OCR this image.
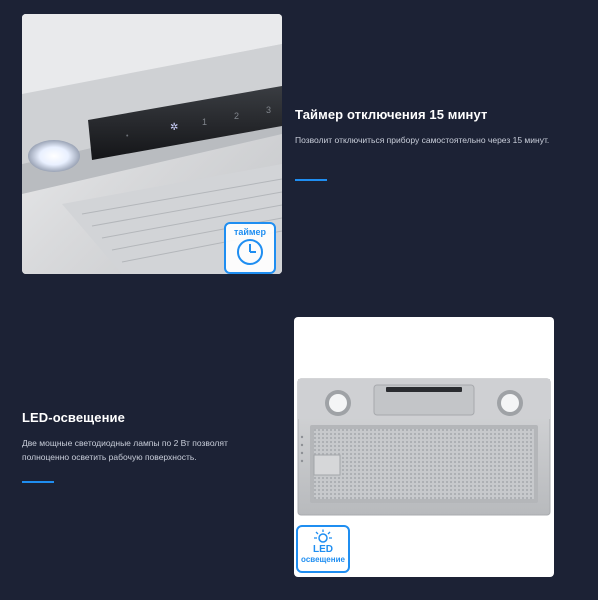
•
✲	1
2
3
таймер
Таймер отключения 15 минут

Позволит отключиться прибору самостоятельно через 15 минут.

LED
освещение
LED-освещение

Две мощные светодиодные лампы по 2 Вт позволят полноценно осветить рабочую поверхность.
